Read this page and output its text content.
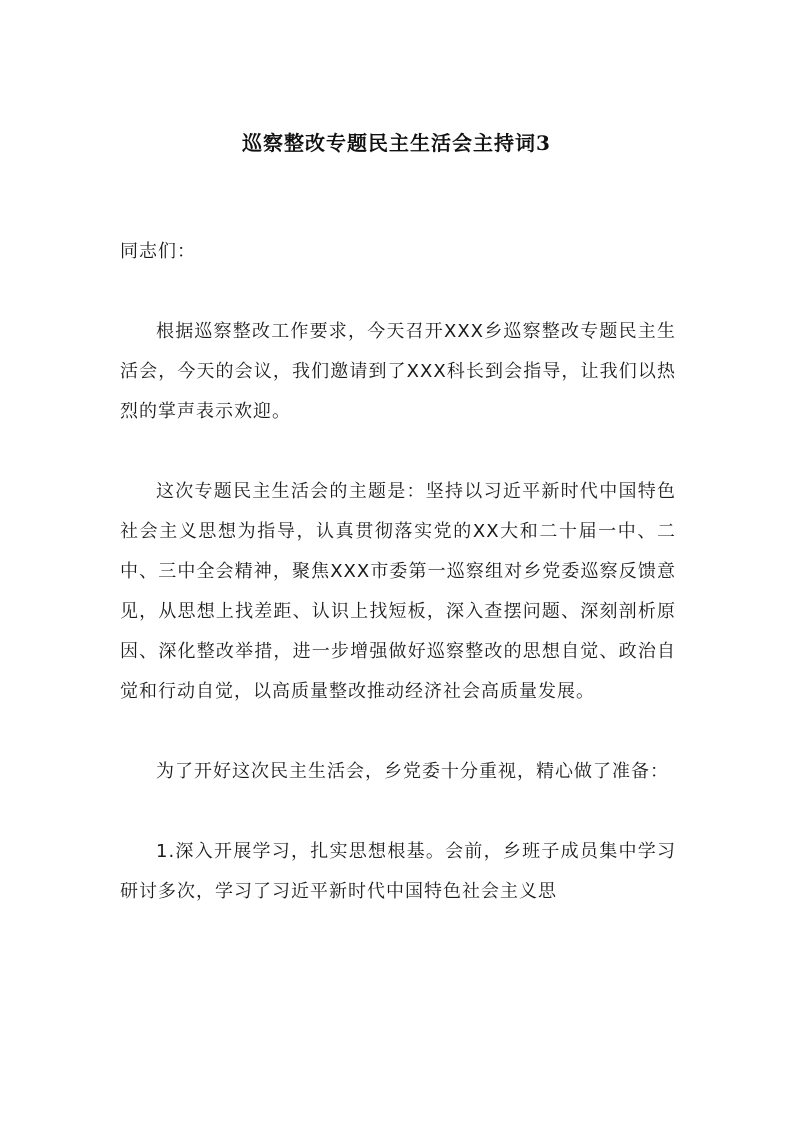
巡察整改专题民主生活会主持词3

同志们：

根据巡察整改工作要求，今天召开XXX乡巡察整改专题民主生活会，今天的会议，我们邀请到了XXX科长到会指导，让我们以热烈的掌声表示欢迎。

这次专题民主生活会的主题是：坚持以习近平新时代中国特色社会主义思想为指导，认真贯彻落实党的XX大和二十届一中、二中、三中全会精神，聚焦XXX市委第一巡察组对乡党委巡察反馈意见，从思想上找差距、认识上找短板，深入查摆问题、深刻剖析原因、深化整改举措，进一步增强做好巡察整改的思想自觉、政治自觉和行动自觉，以高质量整改推动经济社会高质量发展。

为了开好这次民主生活会，乡党委十分重视，精心做了准备：

1.深入开展学习，扎实思想根基。会前，乡班子成员集中学习研讨多次，学习了习近平新时代中国特色社会主义思
